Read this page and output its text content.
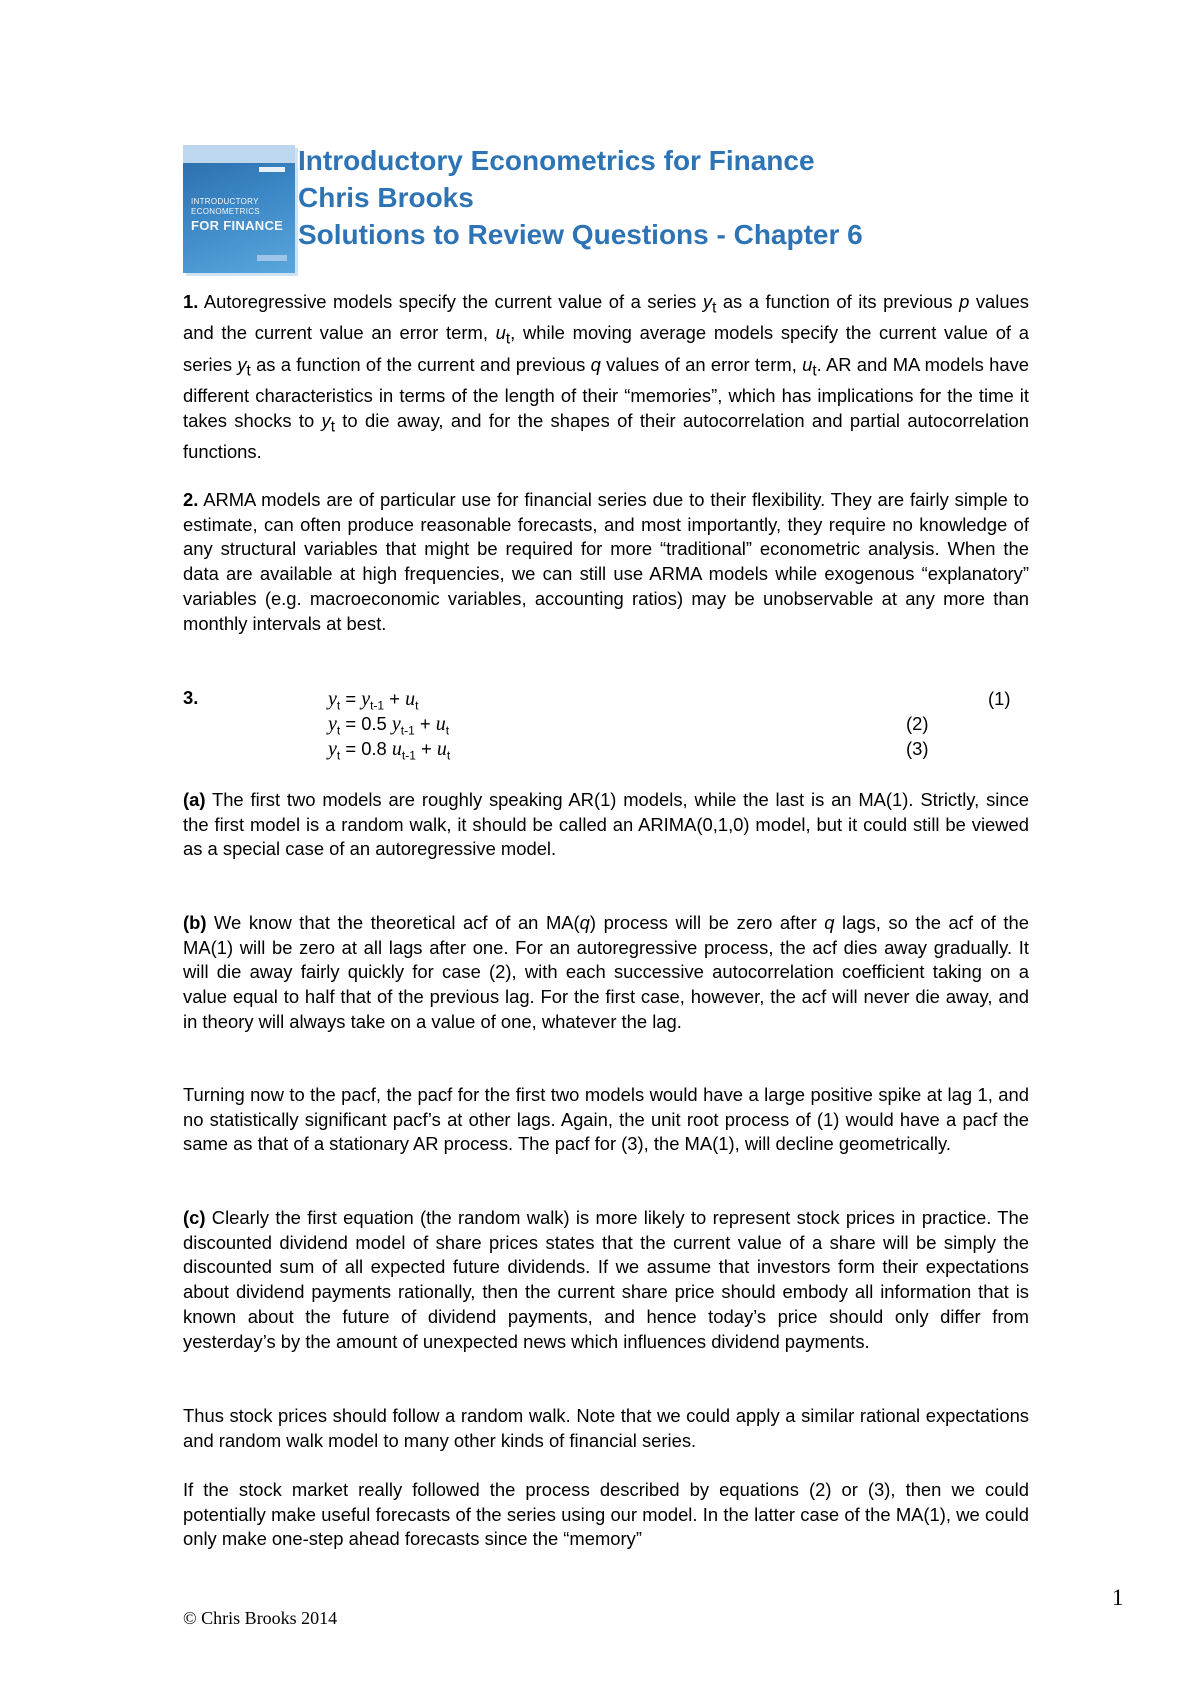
INTRODUCTORY
ECONOMETRICS
FOR FINANCE
Introductory Econometrics for Finance
Chris Brooks
Solutions to Review Questions - Chapter 6

1. Autoregressive models specify the current value of a series $y_t$ as a function of its previous p values and the current value an error term, $u_t$, while moving average models specify the current value of a series $y_t$ as a function of the current and previous q values of an error term, $u_t$. AR and MA models have different characteristics in terms of the length of their “memories”, which has implications for the time it takes shocks to $y_t$ to die away, and for the shapes of their autocorrelation and partial autocorrelation functions.

2. ARMA models are of particular use for financial series due to their flexibility. They are fairly simple to estimate, can often produce reasonable forecasts, and most importantly, they require no knowledge of any structural variables that might be required for more “traditional” econometric analysis. When the data are available at high frequencies, we can still use ARMA models while exogenous “explanatory” variables (e.g. macroeconomic variables, accounting ratios) may be unobservable at any more than monthly intervals at best.

3.	$y_t = y_{t-1} + u_t$	(1)
$y_t = 0.5$ $y_{t-1} + u_t$	(2)
$y_t = 0.8$ $u_{t-1} + u_t$	(3)

(a) The first two models are roughly speaking AR(1) models, while the last is an MA(1). Strictly, since the first model is a random walk, it should be called an ARIMA(0,1,0) model, but it could still be viewed as a special case of an autoregressive model.

(b) We know that the theoretical acf of an MA(q) process will be zero after q lags, so the acf of the MA(1) will be zero at all lags after one. For an autoregressive process, the acf dies away gradually. It will die away fairly quickly for case (2), with each successive autocorrelation coefficient taking on a value equal to half that of the previous lag. For the first case, however, the acf will never die away, and in theory will always take on a value of one, whatever the lag.

Turning now to the pacf, the pacf for the first two models would have a large positive spike at lag 1, and no statistically significant pacf’s at other lags. Again, the unit root process of (1) would have a pacf the same as that of a stationary AR process. The pacf for (3), the MA(1), will decline geometrically.

(c) Clearly the first equation (the random walk) is more likely to represent stock prices in practice. The discounted dividend model of share prices states that the current value of a share will be simply the discounted sum of all expected future dividends. If we assume that investors form their expectations about dividend payments rationally, then the current share price should embody all information that is known about the future of dividend payments, and hence today’s price should only differ from yesterday’s by the amount of unexpected news which influences dividend payments.

Thus stock prices should follow a random walk. Note that we could apply a similar rational expectations and random walk model to many other kinds of financial series.

If the stock market really followed the process described by equations (2) or (3), then we could potentially make useful forecasts of the series using our model. In the latter case of the MA(1), we could only make one-step ahead forecasts since the “memory”

© Chris Brooks 2014
1
